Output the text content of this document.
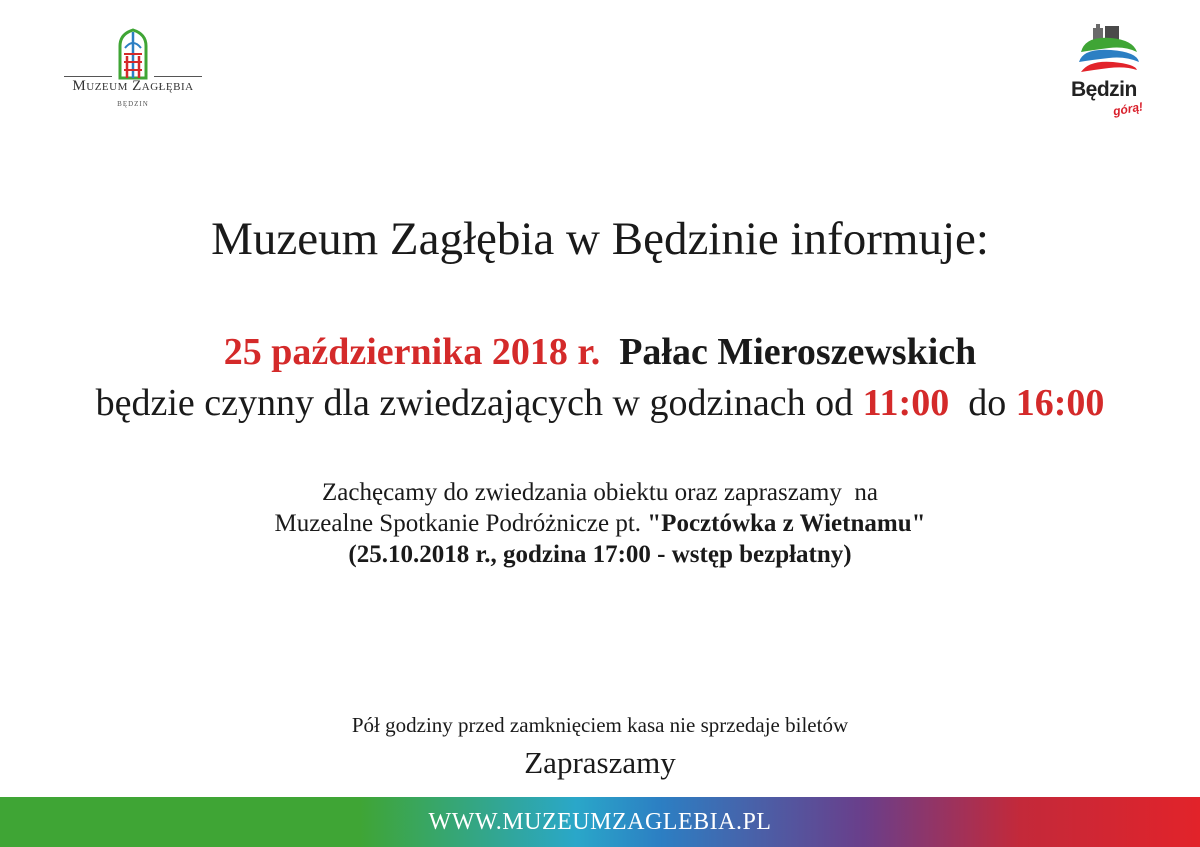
Muzeum Zagłębia
BĘDZIN
Będzin
górą!
Muzeum Zagłębia w Będzinie informuje:
25 października 2018 r. Pałac Mieroszewskich
będzie czynny dla zwiedzających w godzinach od 11:00 do 16:00
Zachęcamy do zwiedzania obiektu oraz zapraszamy  na
Muzealne Spotkanie Podróżnicze pt. "Pocztówka z Wietnamu"
(25.10.2018 r., godzina 17:00 - wstęp bezpłatny)
Pół godziny przed zamknięciem kasa nie sprzedaje biletów
Zapraszamy
WWW.MUZEUMZAGLEBIA.PL
